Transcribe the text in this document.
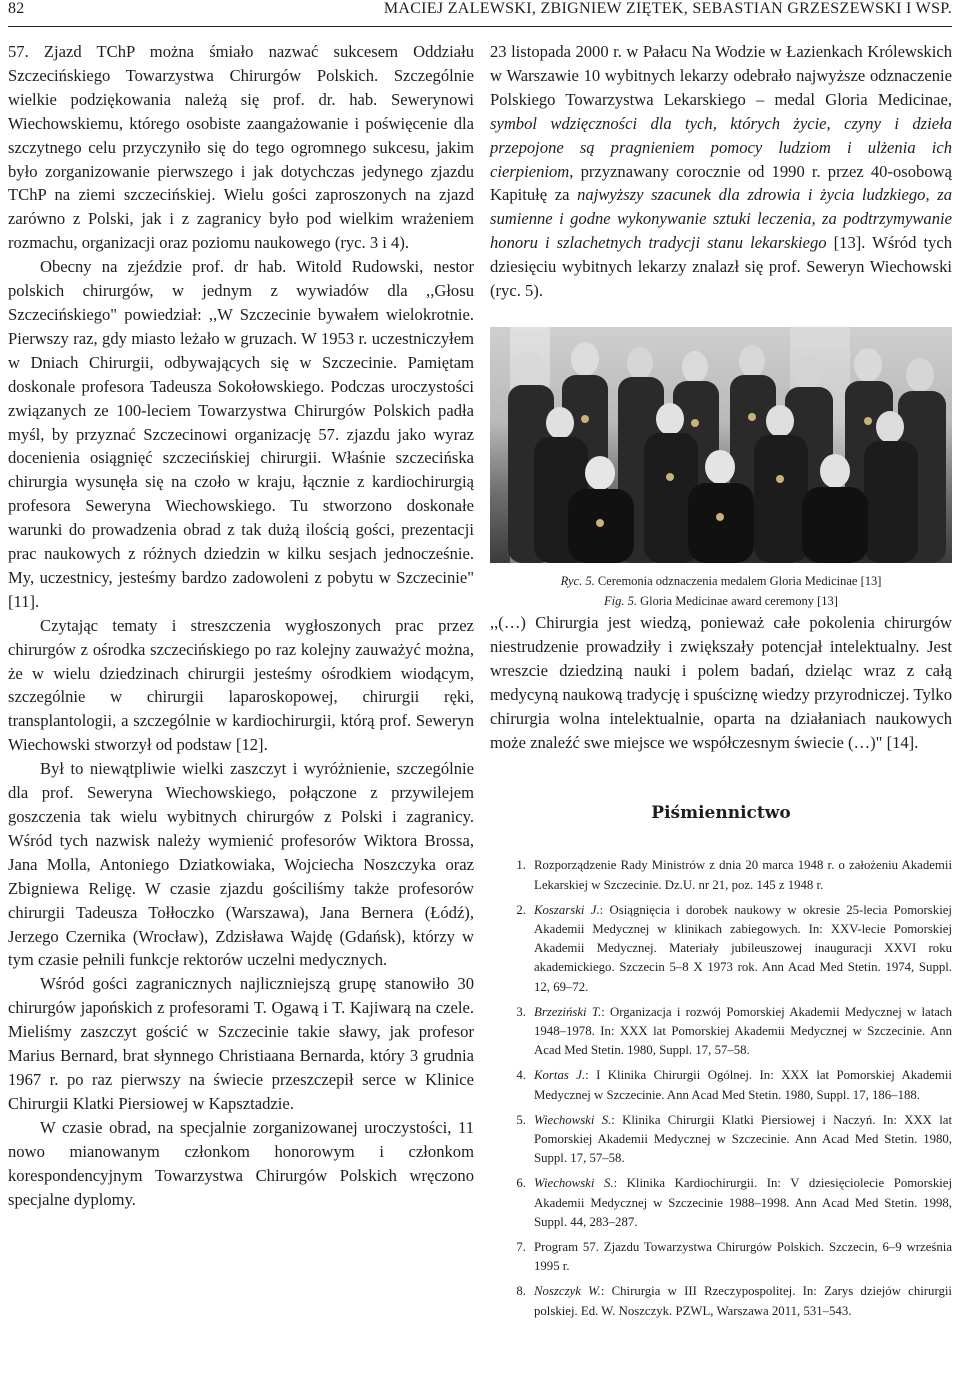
82	MACIEJ ZALEWSKI, ZBIGNIEW ZIĘTEK, SEBASTIAN GRZESZEWSKI I WSP.

57. Zjazd TChP można śmiało nazwać sukcesem Oddziału Szczecińskiego Towarzystwa Chirurgów Polskich. Szczególnie wielkie podziękowania należą się prof. dr. hab. Sewerynowi Wiechowskiemu, którego osobiste zaangażowanie i poświęcenie dla szczytnego celu przyczyniło się do tego ogromnego sukcesu, jakim było zorganizowanie pierwszego i jak dotychczas jedynego zjazdu TChP na ziemi szczecińskiej. Wielu gości zaproszonych na zjazd zarówno z Polski, jak i z zagranicy było pod wielkim wrażeniem rozmachu, organizacji oraz poziomu naukowego (ryc. 3 i 4).

Obecny na zjeździe prof. dr hab. Witold Rudowski, nestor polskich chirurgów, w jednym z wywiadów dla ,,Głosu Szczecińskiego" powiedział: ,,W Szczecinie bywałem wielokrotnie. Pierwszy raz, gdy miasto leżało w gruzach. W 1953 r. uczestniczyłem w Dniach Chirurgii, odbywających się w Szczecinie. Pamiętam doskonale profesora Tadeusza Sokołowskiego. Podczas uroczystości związanych ze 100-leciem Towarzystwa Chirurgów Polskich padła myśl, by przyznać Szczecinowi organizację 57. zjazdu jako wyraz docenienia osiągnięć szczecińskiej chirurgii. Właśnie szczecińska chirurgia wysunęła się na czoło w kraju, łącznie z kardiochirurgią profesora Seweryna Wiechowskiego. Tu stworzono doskonałe warunki do prowadzenia obrad z tak dużą ilością gości, prezentacji prac naukowych z różnych dziedzin w kilku sesjach jednocześnie. My, uczestnicy, jesteśmy bardzo zadowoleni z pobytu w Szczecinie" [11].

Czytając tematy i streszczenia wygłoszonych prac przez chirurgów z ośrodka szczecińskiego po raz kolejny zauważyć można, że w wielu dziedzinach chirurgii jesteśmy ośrodkiem wiodącym, szczególnie w chirurgii laparoskopowej, chirurgii ręki, transplantologii, a szczególnie w kardiochirurgii, którą prof. Seweryn Wiechowski stworzył od podstaw [12].

Był to niewątpliwie wielki zaszczyt i wyróżnienie, szczególnie dla prof. Seweryna Wiechowskiego, połączone z przywilejem goszczenia tak wielu wybitnych chirurgów z Polski i zagranicy. Wśród tych nazwisk należy wymienić profesorów Wiktora Brossa, Jana Molla, Antoniego Dziatkowiaka, Wojciecha Noszczyka oraz Zbigniewa Religę. W czasie zjazdu gościliśmy także profesorów chirurgii Tadeusza Tołłoczko (Warszawa), Jana Bernera (Łódź), Jerzego Czernika (Wrocław), Zdzisława Wajdę (Gdańsk), którzy w tym czasie pełnili funkcje rektorów uczelni medycznych.

Wśród gości zagranicznych najliczniejszą grupę stanowiło 30 chirurgów japońskich z profesorami T. Ogawą i T. Kajiwarą na czele. Mieliśmy zaszczyt gościć w Szczecinie takie sławy, jak profesor Marius Bernard, brat słynnego Christiaana Bernarda, który 3 grudnia 1967 r. po raz pierwszy na świecie przeszczepił serce w Klinice Chirurgii Klatki Piersiowej w Kapsztadzie.

W czasie obrad, na specjalnie zorganizowanej uroczystości, 11 nowo mianowanym członkom honorowym i członkom korespondencyjnym Towarzystwa Chirurgów Polskich wręczono specjalne dyplomy.

23 listopada 2000 r. w Pałacu Na Wodzie w Łazienkach Królewskich w Warszawie 10 wybitnych lekarzy odebrało najwyższe odznaczenie Polskiego Towarzystwa Lekarskiego – medal Gloria Medicinae, symbol wdzięczności dla tych, których życie, czyny i dzieła przepojone są pragnieniem pomocy ludziom i ulżenia ich cierpieniom, przyznawany corocznie od 1990 r. przez 40-osobową Kapitułę za najwyższy szacunek dla zdrowia i życia ludzkiego, za sumienne i godne wykonywanie sztuki leczenia, za podtrzymywanie honoru i szlachetnych tradycji stanu lekarskiego [13]. Wśród tych dziesięciu wybitnych lekarzy znalazł się prof. Seweryn Wiechowski (ryc. 5).

Ryc. 5. Ceremonia odznaczenia medalem Gloria Medicinae [13]
Fig. 5. Gloria Medicinae award ceremony [13]

,,(…) Chirurgia jest wiedzą, ponieważ całe pokolenia chirurgów niestrudzenie prowadziły i zwiększały potencjał intelektualny. Jest wreszcie dziedziną nauki i polem badań, dzieląc wraz z całą medycyną naukową tradycję i spuściznę wiedzy przyrodniczej. Tylko chirurgia wolna intelektualnie, oparta na działaniach naukowych może znaleźć swe miejsce we współczesnym świecie (…)" [14].

Piśmiennictwo
1. Rozporządzenie Rady Ministrów z dnia 20 marca 1948 r. o założeniu Akademii Lekarskiej w Szczecinie. Dz.U. nr 21, poz. 145 z 1948 r.
2. Koszarski J.: Osiągnięcia i dorobek naukowy w okresie 25-lecia Pomorskiej Akademii Medycznej w klinikach zabiegowych. In: XXV-lecie Pomorskiej Akademii Medycznej. Materiały jubileuszowej inauguracji XXVI roku akademickiego. Szczecin 5–8 X 1973 rok. Ann Acad Med Stetin. 1974, Suppl. 12, 69–72.
3. Brzeziński T.: Organizacja i rozwój Pomorskiej Akademii Medycznej w latach 1948–1978. In: XXX lat Pomorskiej Akademii Medycznej w Szczecinie. Ann Acad Med Stetin. 1980, Suppl. 17, 57–58.
4. Kortas J.: I Klinika Chirurgii Ogólnej. In: XXX lat Pomorskiej Akademii Medycznej w Szczecinie. Ann Acad Med Stetin. 1980, Suppl. 17, 186–188.
5. Wiechowski S.: Klinika Chirurgii Klatki Piersiowej i Naczyń. In: XXX lat Pomorskiej Akademii Medycznej w Szczecinie. Ann Acad Med Stetin. 1980, Suppl. 17, 57–58.
6. Wiechowski S.: Klinika Kardiochirurgii. In: V dziesięciolecie Pomorskiej Akademii Medycznej w Szczecinie 1988–1998. Ann Acad Med Stetin. 1998, Suppl. 44, 283–287.
7. Program 57. Zjazdu Towarzystwa Chirurgów Polskich. Szczecin, 6–9 września 1995 r.
8. Noszczyk W.: Chirurgia w III Rzeczypospolitej. In: Zarys dziejów chirurgii polskiej. Ed. W. Noszczyk. PZWL, Warszawa 2011, 531–543.
